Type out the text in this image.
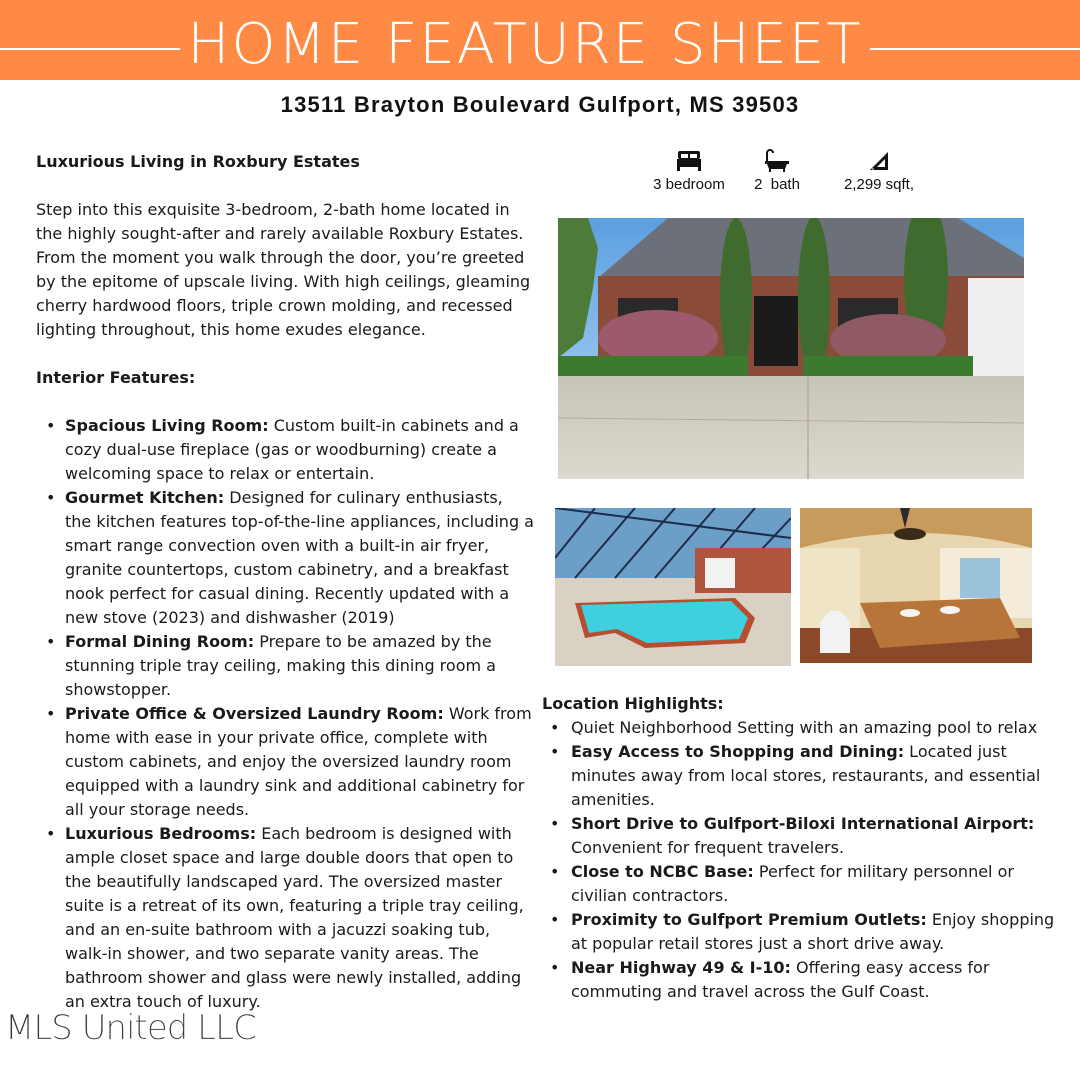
HOME FEATURE SHEET
13511 Brayton Boulevard Gulfport, MS 39503

Luxurious Living in Roxbury Estates

Step into this exquisite 3-bedroom, 2-bath home located in the highly sought-after and rarely available Roxbury Estates. From the moment you walk through the door, you’re greeted by the epitome of upscale living. With high ceilings, gleaming cherry hardwood floors, triple crown molding, and recessed lighting throughout, this home exudes elegance.

Interior Features:

• Spacious Living Room: Custom built-in cabinets and a cozy dual-use fireplace (gas or woodburning) create a welcoming space to relax or entertain.
• Gourmet Kitchen: Designed for culinary enthusiasts, the kitchen features top-of-the-line appliances, including a smart range convection oven with a built-in air fryer, granite countertops, custom cabinetry, and a breakfast nook perfect for casual dining. Recently updated with a new stove (2023) and dishwasher (2019)
• Formal Dining Room: Prepare to be amazed by the stunning triple tray ceiling, making this dining room a showstopper.
• Private Office & Oversized Laundry Room: Work from home with ease in your private office, complete with custom cabinets, and enjoy the oversized laundry room equipped with a laundry sink and additional cabinetry for all your storage needs.
• Luxurious Bedrooms: Each bedroom is designed with ample closet space and large double doors that open to the beautifully landscaped yard. The oversized master suite is a retreat of its own, featuring a triple tray ceiling, and an en-suite bathroom with a jacuzzi soaking tub, walk-in shower, and two separate vanity areas. The bathroom shower and glass were newly installed, adding an extra touch of luxury.
3 bedroom	2  bath	2,299 sqft,

Location Highlights:

• Quiet Neighborhood Setting with an amazing pool to relax
• Easy Access to Shopping and Dining: Located just minutes away from local stores, restaurants, and essential amenities.
• Short Drive to Gulfport-Biloxi International Airport: Convenient for frequent travelers.
• Close to NCBC Base: Perfect for military personnel or civilian contractors.
• Proximity to Gulfport Premium Outlets: Enjoy shopping at popular retail stores just a short drive away.
• Near Highway 49 & I-10: Offering easy access for commuting and travel across the Gulf Coast.
MLS United LLC
